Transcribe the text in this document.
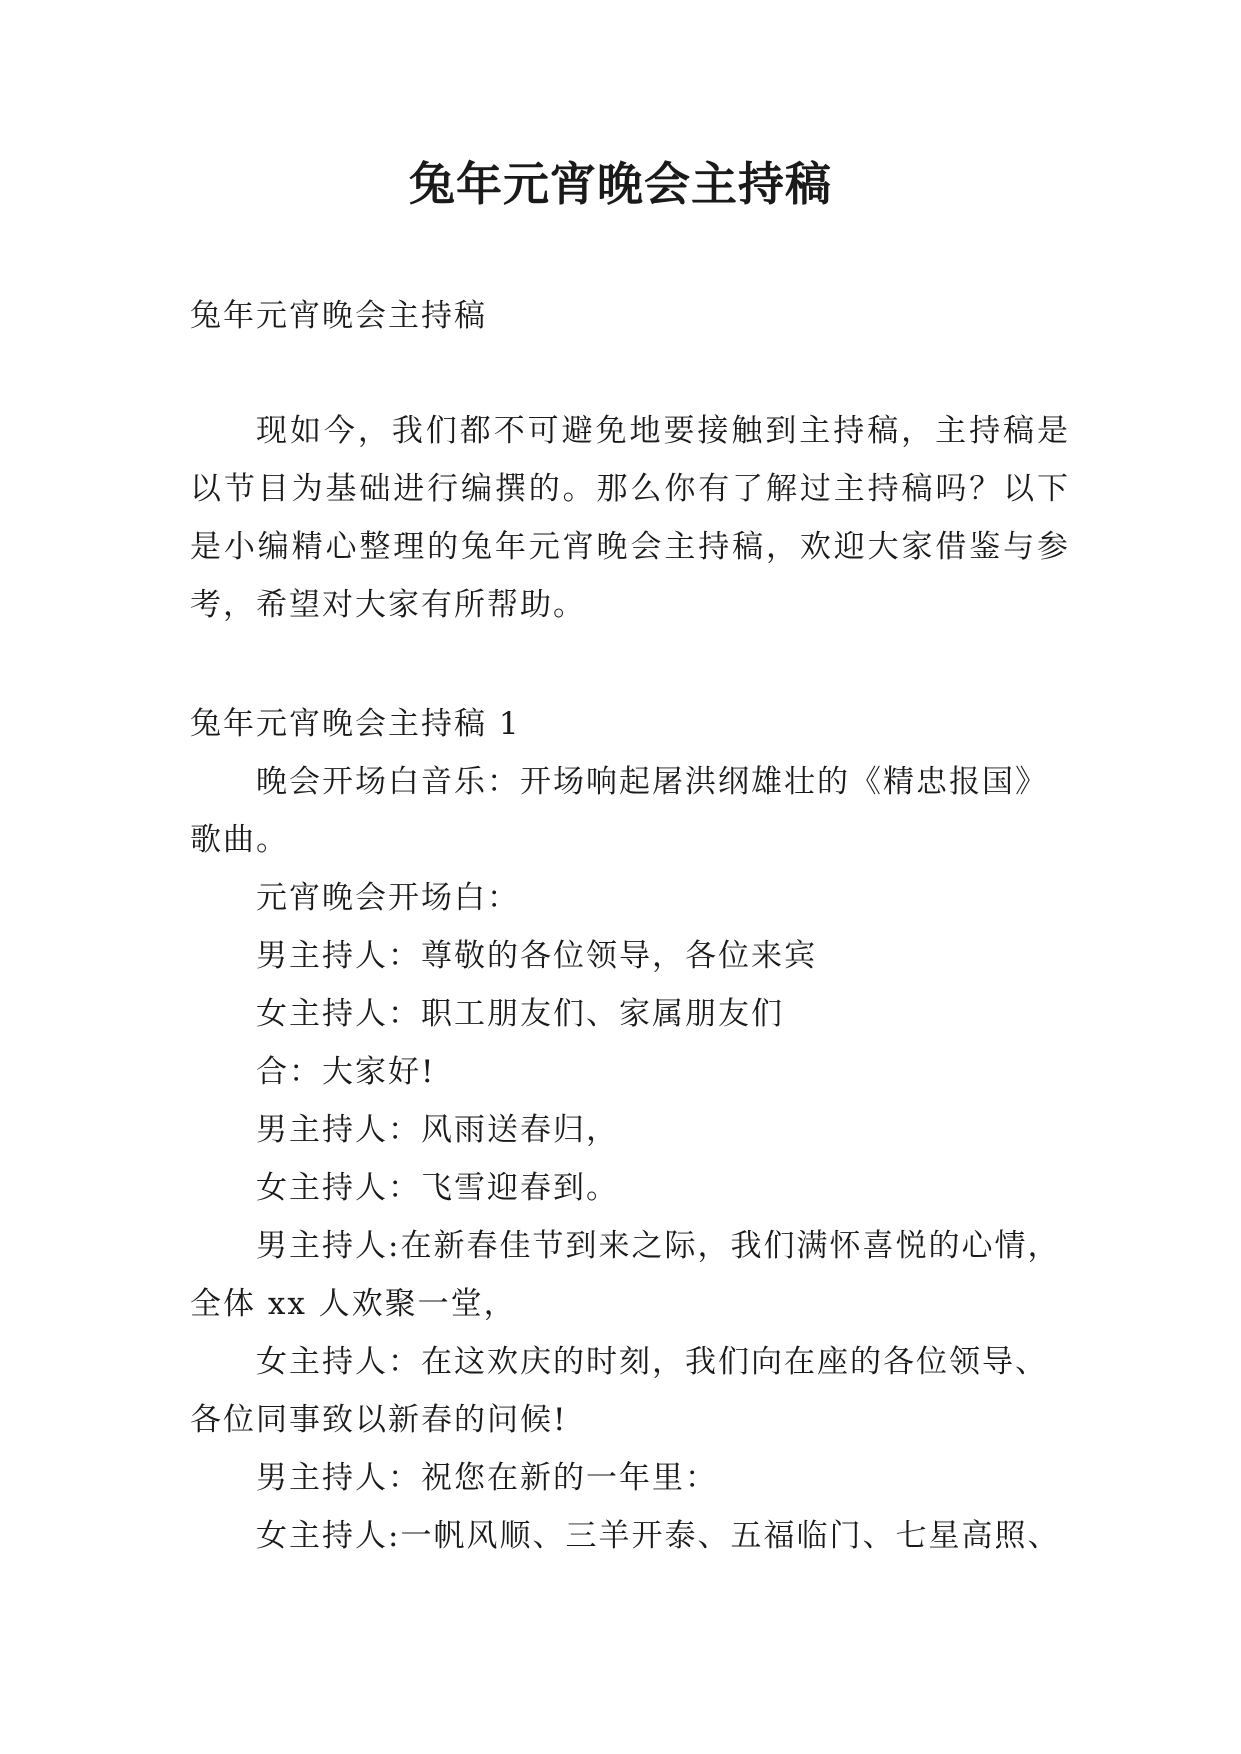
兔年元宵晚会主持稿

兔年元宵晚会主持稿

现如今，我们都不可避免地要接触到主持稿，主持稿是以节目为基础进行编撰的。那么你有了解过主持稿吗？以下是小编精心整理的兔年元宵晚会主持稿，欢迎大家借鉴与参考，希望对大家有所帮助。

兔年元宵晚会主持稿 1

晚会开场白音乐：开场响起屠洪纲雄壮的《精忠报国》歌曲。
元宵晚会开场白：
男主持人：尊敬的各位领导，各位来宾
女主持人：职工朋友们、家属朋友们
合：大家好!
男主持人：风雨送春归，
女主持人：飞雪迎春到。
男主持人:在新春佳节到来之际，我们满怀喜悦的心情，全体 xx 人欢聚一堂，
女主持人：在这欢庆的时刻，我们向在座的各位领导、各位同事致以新春的问候!
男主持人：祝您在新的一年里：
女主持人:一帆风顺、三羊开泰、五福临门、七星高照、
